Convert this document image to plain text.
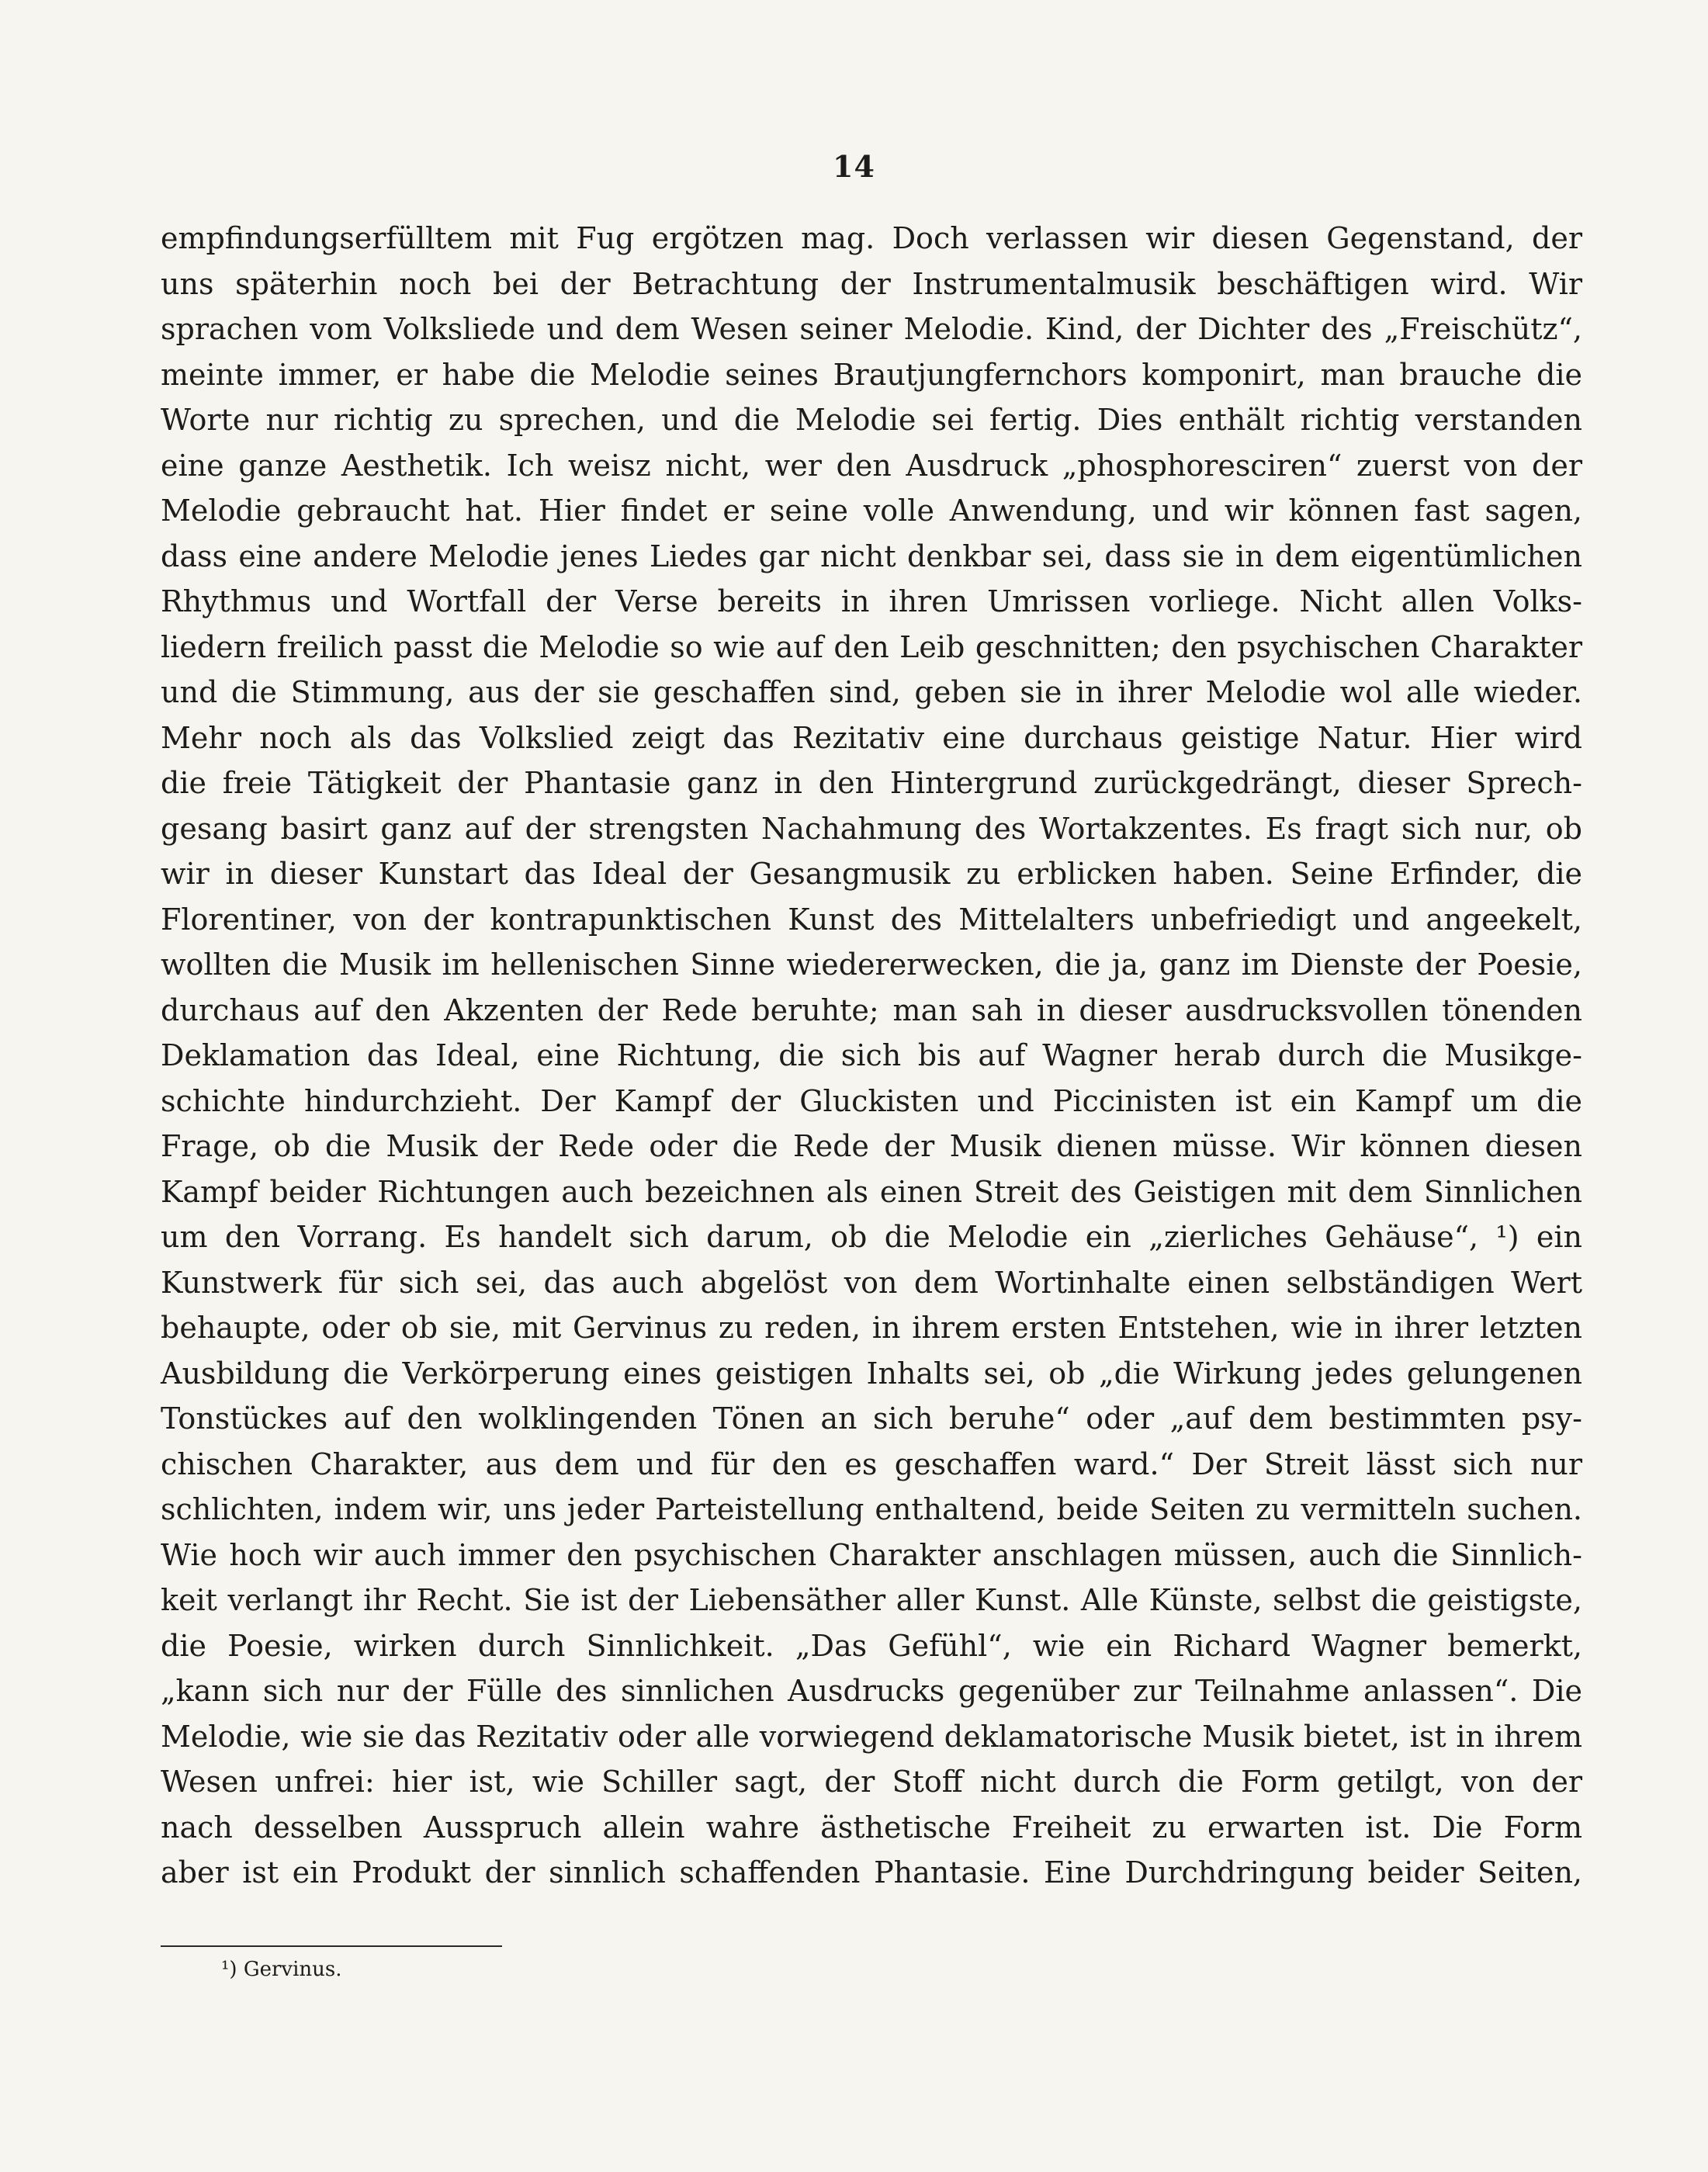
14
empfindungserfülltem mit Fug ergötzen mag. Doch verlassen wir diesen Gegenstand, der
uns späterhin noch bei der Betrachtung der Instrumentalmusik beschäftigen wird. Wir
sprachen vom Volksliede und dem Wesen seiner Melodie. Kind, der Dichter des „Freischütz“,
meinte immer, er habe die Melodie seines Brautjungfernchors komponirt, man brauche die
Worte nur richtig zu sprechen, und die Melodie sei fertig. Dies enthält richtig verstanden
eine ganze Aesthetik. Ich weisz nicht, wer den Ausdruck „phosphoresciren“ zuerst von der
Melodie gebraucht hat. Hier findet er seine volle Anwendung, und wir können fast sagen,
dass eine andere Melodie jenes Liedes gar nicht denkbar sei, dass sie in dem eigentümlichen
Rhythmus und Wortfall der Verse bereits in ihren Umrissen vorliege. Nicht allen Volks-
liedern freilich passt die Melodie so wie auf den Leib geschnitten; den psychischen Charakter
und die Stimmung, aus der sie geschaffen sind, geben sie in ihrer Melodie wol alle wieder.
Mehr noch als das Volkslied zeigt das Rezitativ eine durchaus geistige Natur. Hier wird
die freie Tätigkeit der Phantasie ganz in den Hintergrund zurückgedrängt, dieser Sprech-
gesang basirt ganz auf der strengsten Nachahmung des Wortakzentes. Es fragt sich nur, ob
wir in dieser Kunstart das Ideal der Gesangmusik zu erblicken haben. Seine Erfinder, die
Florentiner, von der kontrapunktischen Kunst des Mittelalters unbefriedigt und angeekelt,
wollten die Musik im hellenischen Sinne wiedererwecken, die ja, ganz im Dienste der Poesie,
durchaus auf den Akzenten der Rede beruhte; man sah in dieser ausdrucksvollen tönenden
Deklamation das Ideal, eine Richtung, die sich bis auf Wagner herab durch die Musikge-
schichte hindurchzieht. Der Kampf der Gluckisten und Piccinisten ist ein Kampf um die
Frage, ob die Musik der Rede oder die Rede der Musik dienen müsse. Wir können diesen
Kampf beider Richtungen auch bezeichnen als einen Streit des Geistigen mit dem Sinnlichen
um den Vorrang. Es handelt sich darum, ob die Melodie ein „zierliches Gehäuse“, ¹) ein
Kunstwerk für sich sei, das auch abgelöst von dem Wortinhalte einen selbständigen Wert
behaupte, oder ob sie, mit Gervinus zu reden, in ihrem ersten Entstehen, wie in ihrer letzten
Ausbildung die Verkörperung eines geistigen Inhalts sei, ob „die Wirkung jedes gelungenen
Tonstückes auf den wolklingenden Tönen an sich beruhe“ oder „auf dem bestimmten psy-
chischen Charakter, aus dem und für den es geschaffen ward.“ Der Streit lässt sich nur
schlichten, indem wir, uns jeder Parteistellung enthaltend, beide Seiten zu vermitteln suchen.
Wie hoch wir auch immer den psychischen Charakter anschlagen müssen, auch die Sinnlich-
keit verlangt ihr Recht. Sie ist der Liebensäther aller Kunst. Alle Künste, selbst die geistigste,
die Poesie, wirken durch Sinnlichkeit. „Das Gefühl“, wie ein Richard Wagner bemerkt,
„kann sich nur der Fülle des sinnlichen Ausdrucks gegenüber zur Teilnahme anlassen“. Die
Melodie, wie sie das Rezitativ oder alle vorwiegend deklamatorische Musik bietet, ist in ihrem
Wesen unfrei: hier ist, wie Schiller sagt, der Stoff nicht durch die Form getilgt, von der
nach desselben Ausspruch allein wahre ästhetische Freiheit zu erwarten ist. Die Form
aber ist ein Produkt der sinnlich schaffenden Phantasie. Eine Durchdringung beider Seiten,
¹) Gervinus.
